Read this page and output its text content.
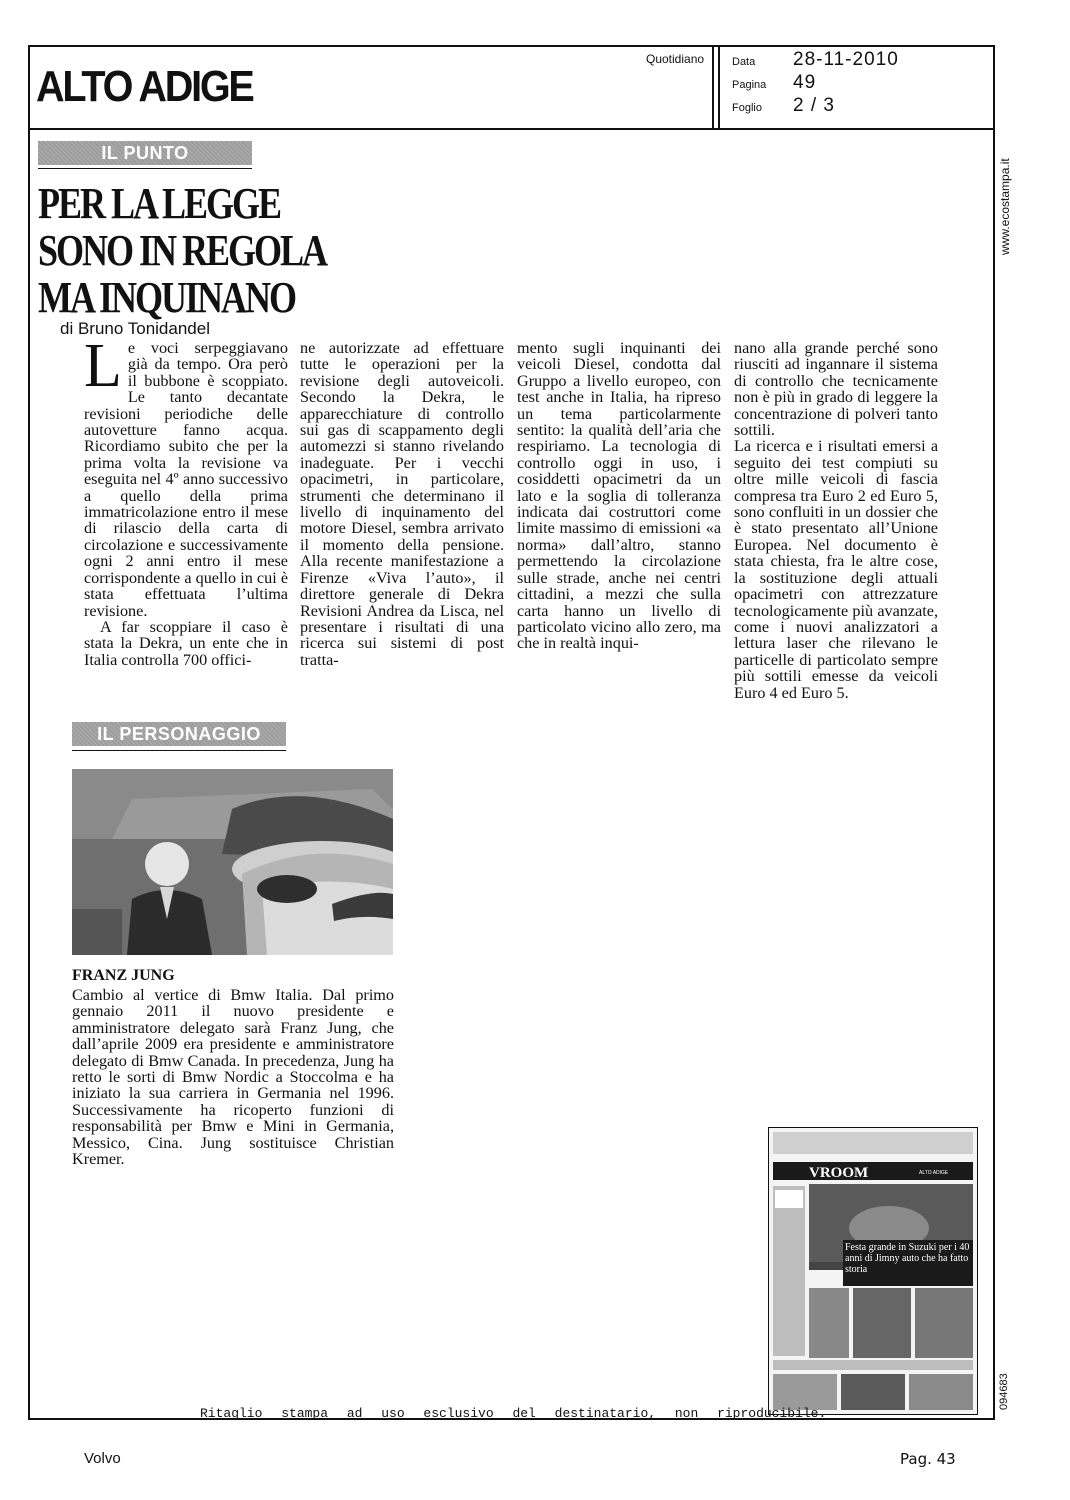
ALTO ADIGE
Quotidiano	Data 28-11-2010
Pagina 49
Foglio 2 / 3
IL PUNTO
PER LA LEGGE
SONO IN REGOLA
MA INQUINANO
di Bruno Tonidandel

Le voci serpeggiavano già da tempo. Ora però il bubbone è scoppiato. Le tanto decantate revisioni periodiche delle autovetture fanno acqua. Ricordiamo subito che per la prima volta la revisione va eseguita nel 4º anno successivo a quello della prima immatricolazione entro il mese di rilascio della carta di circolazione e successivamente ogni 2 anni entro il mese corrispondente a quello in cui è stata effettuata l’ultima revisione.

A far scoppiare il caso è stata la Dekra, un ente che in Italia controlla 700 offici-

ne autorizzate ad effettuare tutte le operazioni per la revisione degli autoveicoli. Secondo la Dekra, le apparecchiature di controllo sui gas di scappamento degli automezzi si stanno rivelando inadeguate. Per i vecchi opacimetri, in particolare, strumenti che determinano il livello di inquinamento del motore Diesel, sembra arrivato il momento della pensione. Alla recente manifestazione a Firenze «Viva l’auto», il direttore generale di Dekra Revisioni Andrea da Lisca, nel presentare i risultati di una ricerca sui sistemi di post tratta-

mento sugli inquinanti dei veicoli Diesel, condotta dal Gruppo a livello europeo, con test anche in Italia, ha ripreso un tema particolarmente sentito: la qualità dell’aria che respiriamo. La tecnologia di controllo oggi in uso, i cosiddetti opacimetri da un lato e la soglia di tolleranza indicata dai costruttori come limite massimo di emissioni «a norma» dall’altro, stanno permettendo la circolazione sulle strade, anche nei centri cittadini, a mezzi che sulla carta hanno un livello di particolato vicino allo zero, ma che in realtà inqui-

nano alla grande perché sono riusciti ad ingannare il sistema di controllo che tecnicamente non è più in grado di leggere la concentrazione di polveri tanto sottili.

La ricerca e i risultati emersi a seguito dei test compiuti su oltre mille veicoli di fascia compresa tra Euro 2 ed Euro 5, sono confluiti in un dossier che è stato presentato all’Unione Europea. Nel documento è stata chiesta, fra le altre cose, la sostituzione degli attuali opacimetri con attrezzature tecnologicamente più avanzate, come i nuovi analizzatori a lettura laser che rilevano le particelle di particolato sempre più sottili emesse da veicoli Euro 4 ed Euro 5.

IL PERSONAGGIO
FRANZ JUNG

Cambio al vertice di Bmw Italia. Dal primo gennaio 2011 il nuovo presidente e amministratore delegato sarà Franz Jung, che dall’aprile 2009 era presidente e amministratore delegato di Bmw Canada. In precedenza, Jung ha retto le sorti di Bmw Nordic a Stoccolma e ha iniziato la sua carriera in Germania nel 1996. Successivamente ha ricoperto funzioni di responsabilità per Bmw e Mini in Germania, Messico, Cina. Jung sostituisce Christian Kremer.

VROOM	ALTO ADIGE
Festa grande in Suzuki per i 40 anni di Jimny auto che ha fatto storia
www.ecostampa.it
094683
Ritaglio stampa ad uso esclusivo del destinatario, non riproducibile.
Volvo	Pag. 43
